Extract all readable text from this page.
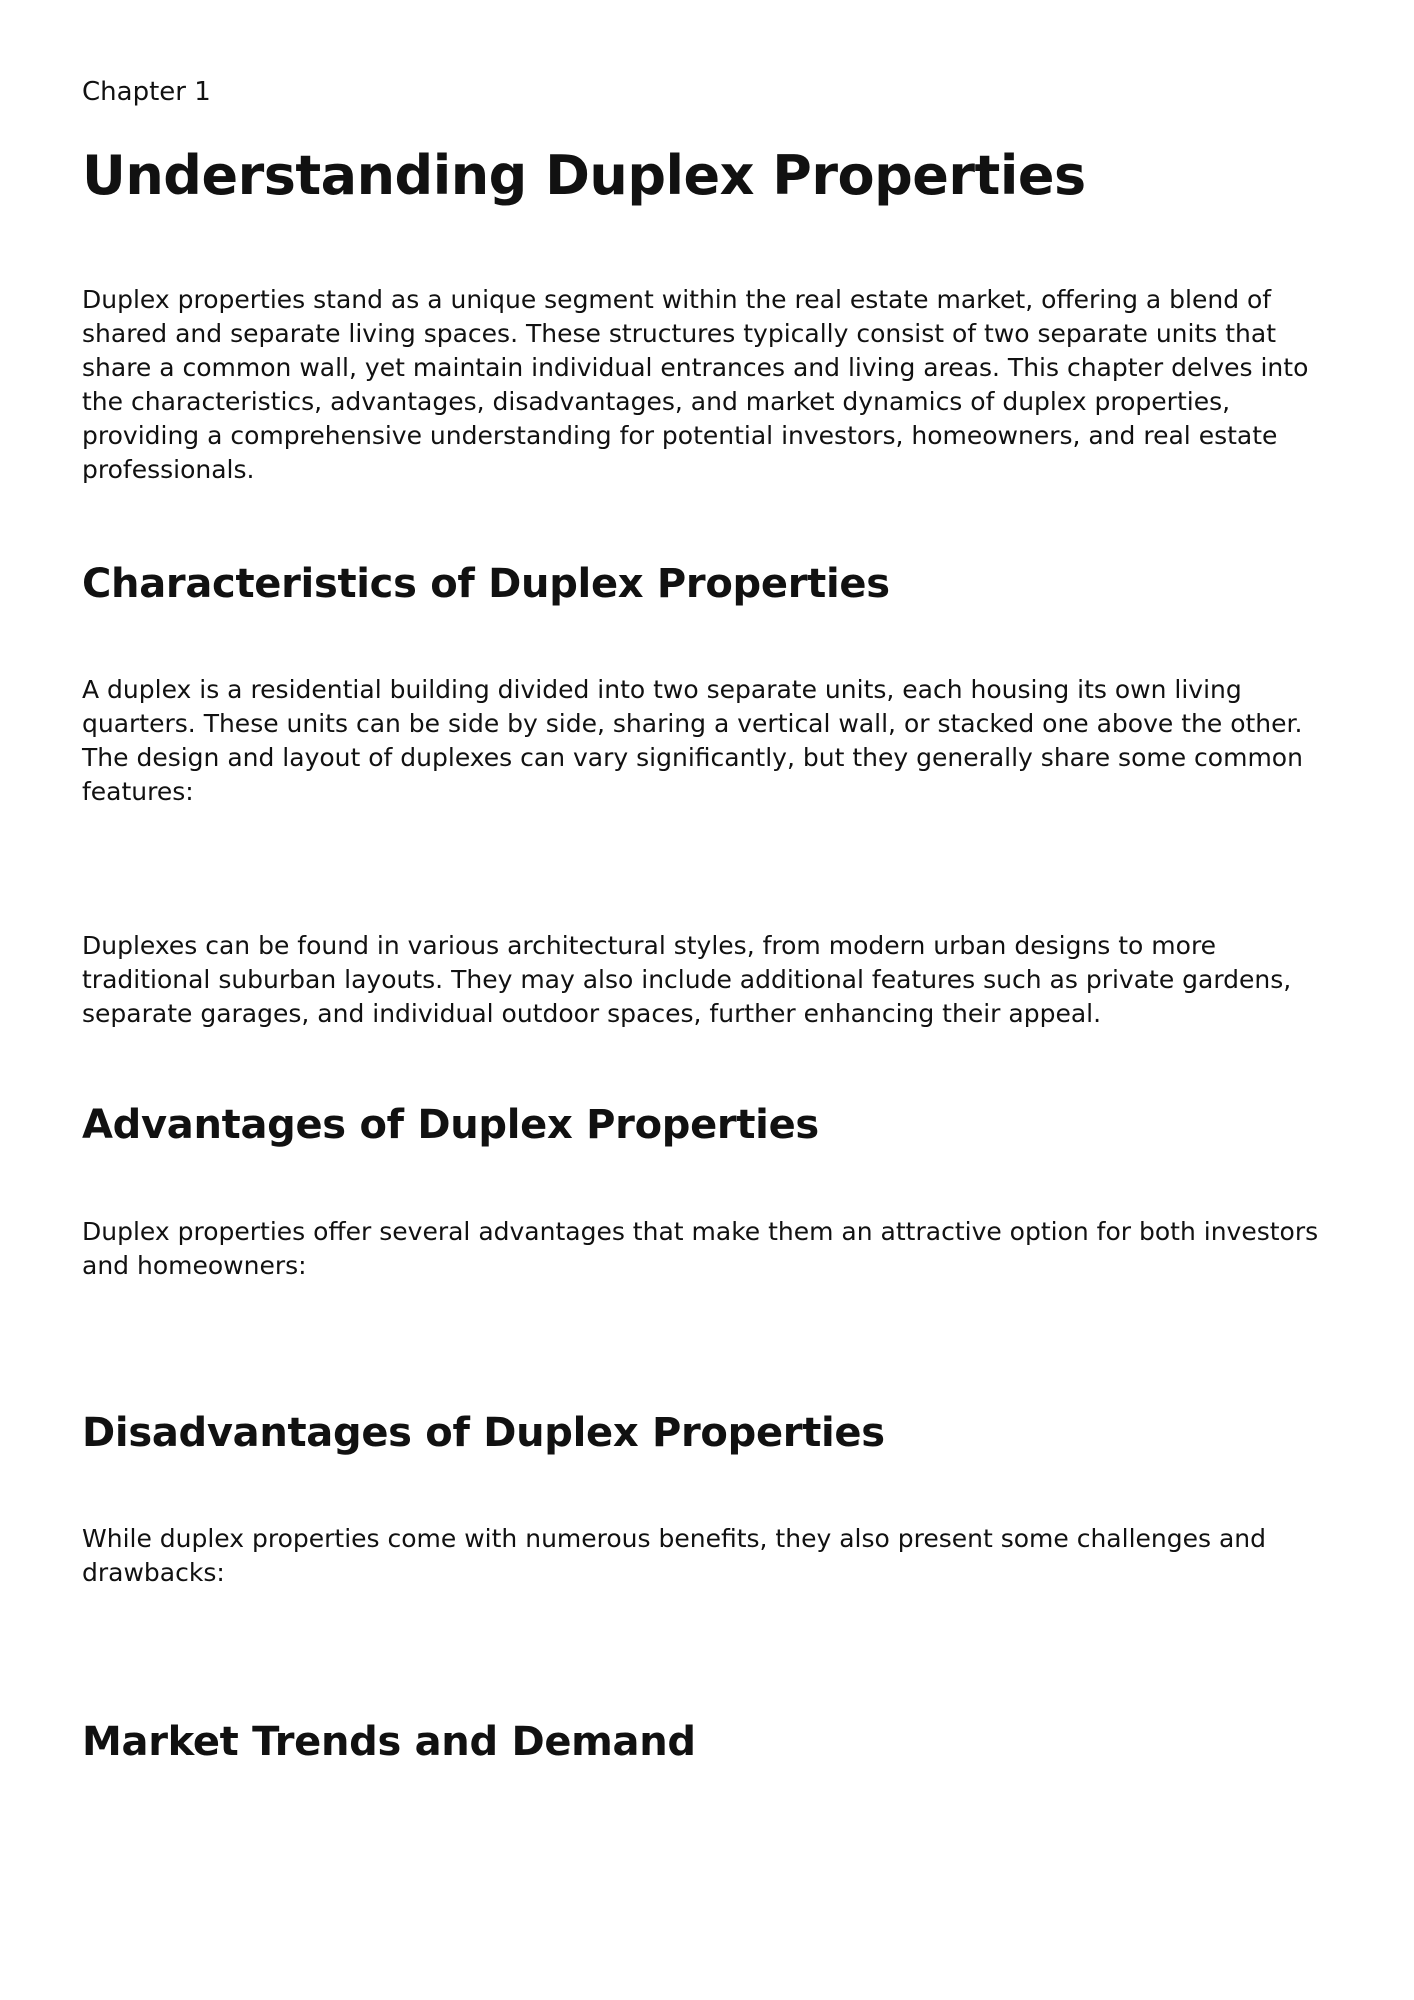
Chapter 1
Understanding Duplex Properties

Duplex properties stand as a unique segment within the real estate market, offering a blend of shared and separate living spaces. These structures typically consist of two separate units that share a common wall, yet maintain individual entrances and living areas. This chapter delves into the characteristics, advantages, disadvantages, and market dynamics of duplex properties, providing a comprehensive understanding for potential investors, homeowners, and real estate professionals.

Characteristics of Duplex Properties

A duplex is a residential building divided into two separate units, each housing its own living quarters. These units can be side by side, sharing a vertical wall, or stacked one above the other. The design and layout of duplexes can vary significantly, but they generally share some common features:

Duplexes can be found in various architectural styles, from modern urban designs to more traditional suburban layouts. They may also include additional features such as private gardens, separate garages, and individual outdoor spaces, further enhancing their appeal.

Advantages of Duplex Properties

Duplex properties offer several advantages that make them an attractive option for both investors and homeowners:

Disadvantages of Duplex Properties

While duplex properties come with numerous benefits, they also present some challenges and drawbacks:

Market Trends and Demand
